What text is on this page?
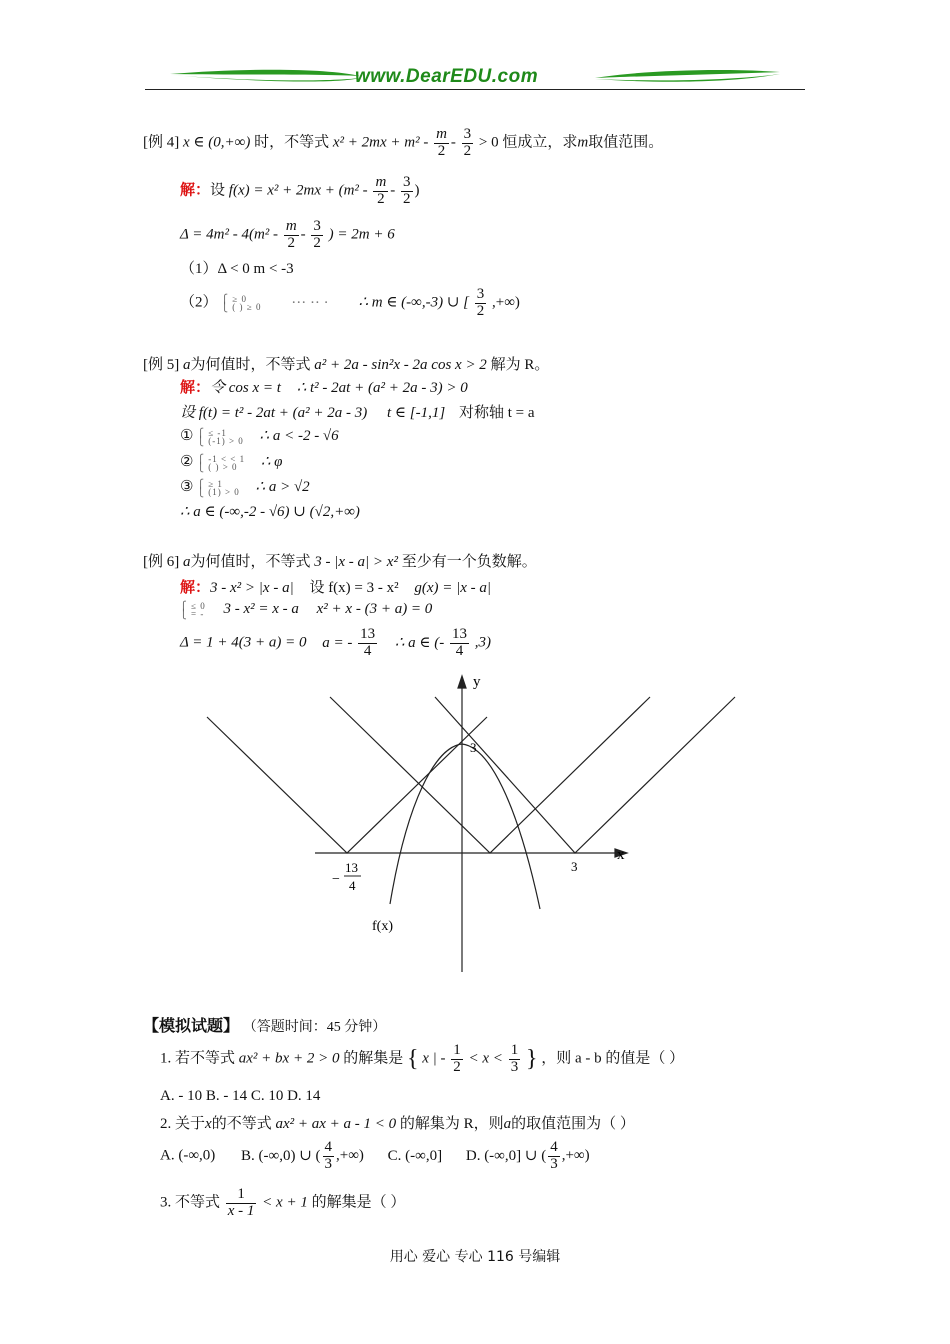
www.DearEDU.com
[例 4] x ∈ (0,+∞) 时，不等式 $x^2 + 2mx + m^2 - \frac{m}{2} - \frac{3}{2} > 0$ 恒成立，求m取值范围。
解：设 $f(x) = x^2 + 2mx + (m^2 - \frac{m}{2} - \frac{3}{2}$ )
$\Delta = 4m^2 - 4(m^2 - \frac{m}{2} - \frac{3}{2}$ ) = 2m + 6
（1）Δ < 0 m < -3
（2） ⎧ ≥ 0
⎩ ( ) ≥ 0 ··· ·· · ∴ m ∈ (-∞,-3) ∪ [ $\frac{3}{2}$ ,+∞)
[例 5] a为何值时，不等式 a² + 2a - sin²x - 2a cos x > 2 解为 R。
解：令 cos x = t ∴ t² - 2at + (a² + 2a - 3) > 0
设 f(t) = t² - 2at + (a² + 2a - 3) t ∈ [-1,1] 对称轴 t = a
① ⎧ ≤ -1
⎩ (-1) > 0 ∴ a < -2 - √6
② ⎧ -1 < < 1
⎩ ( ) > 0 ∴ φ
③ ⎧ ≥ 1
⎩ (1) > 0 ∴ a > √2
∴ a ∈ (-∞,-2 - √6) ∪ (√2,+∞)
[例 6] a为何值时，不等式 3 - |x - a| > x² 至少有一个负数解。
解：3 - x² > |x - a| 设 f(x) = 3 - x² g(x) = |x - a|
⎧ ≤ 0
⎩ = - 3 - x² = x - a x² + x - (3 + a) = 0
Δ = 1 + 4(3 + a) = 0 a = - $\frac{13}{4}$ ∴ a ∈ (- $\frac{13}{4} ,3$)
y
x
3
3
−
13
4
f(x)
【模拟试题】 （答题时间：45 分钟）
1. 若不等式 ax² + bx + 2 > 0 的解集是 { x | - $\frac{1}{2} < x < \frac{1}{3}$ } ，则 a - b 的值是（ ）
A. - 10 B. - 14 C. 10 D. 14
2. 关于x的不等式 ax² + ax + a - 1 < 0 的解集为 R，则a的取值范围为（ ）
A. (-∞,0) B. (-∞,0) ∪ ( $\frac{4}{3}$ ,+∞) C. (-∞,0] D. (-∞,0] ∪ ( $\frac{4}{3}$ ,+∞)
3. 不等式 $\frac{1}{x - 1} < x + 1$ 的解集是（ ）
用心 爱心 专心 116 号编辑
